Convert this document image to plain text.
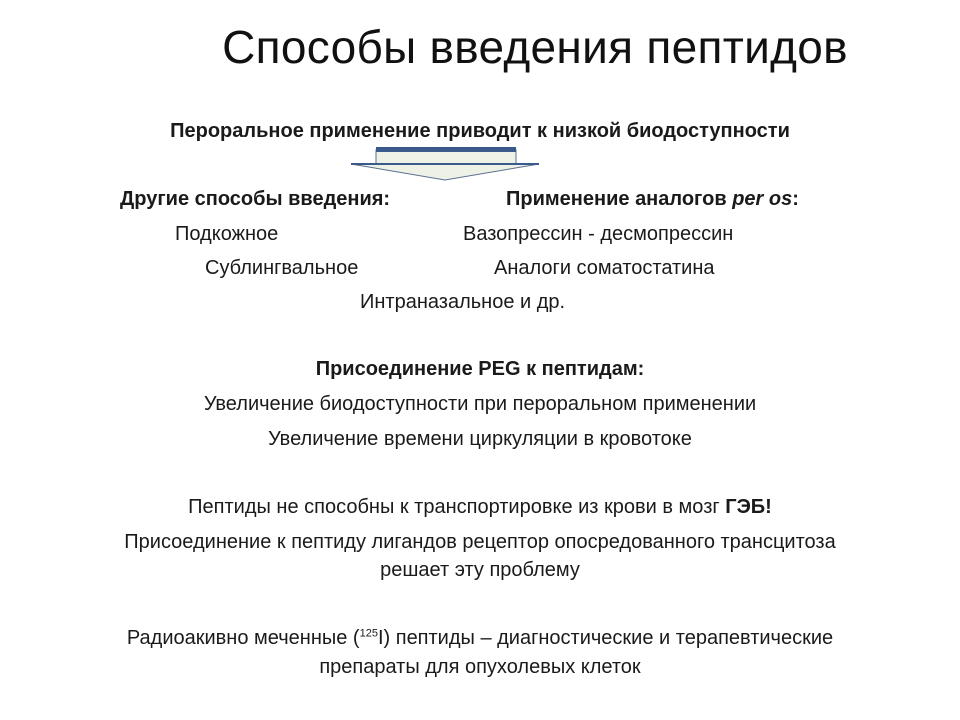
Способы введения пептидов
Пероральное применение приводит к низкой биодоступности
Другие способы введения:	Применение аналогов per os:
Подкожное	Вазопрессин - десмопрессин
Сублингвальное	Аналоги соматостатина
Интраназальное и др.
Присоединение PEG к пептидам:
Увеличение биодоступности при пероральном применении
Увеличение времени циркуляции в кровотоке
Пептиды не способны к транспортировке из крови в мозг ГЭБ!
Присоединение к пептиду лигандов рецептор опосредованного трансцитоза
решает эту проблему
Радиоакивно меченные ($^{125}$I) пептиды – диагностические и терапевтические
препараты для опухолевых клеток
